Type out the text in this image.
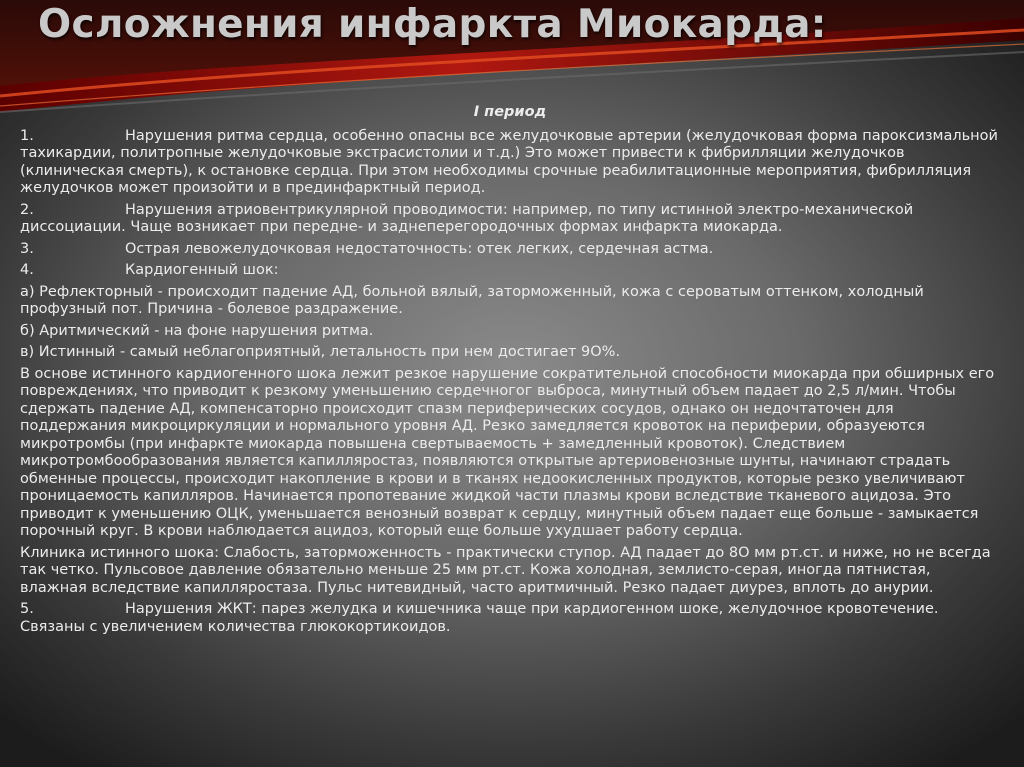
Осложнения инфаркта Миокарда:

I период

1.	Нарушения ритма сердца, особенно опасны все желудочковые артерии (желудочковая форма пароксизмальной тахикардии, политропные желудочковые экстрасистолии и т.д.) Это может привести к фибрилляции желудочков (клиническая смерть), к остановке сердца. При этом необходимы срочные реабилитационные мероприятия, фибрилляция желудочков может произойти и в прединфарктный период.

2.	Нарушения атриовентрикулярной проводимости: например, по типу истинной электро-механической диссоциации. Чаще возникает при передне- и заднеперегородочных формах инфаркта миокарда.

3.	Острая левожелудочковая недостаточность: отек легких, сердечная астма.

4.	Кардиогенный шок:

а) Рефлекторный - происходит падение АД, больной вялый, заторможенный, кожа с сероватым оттенком, холодный профузный пот. Причина - болевое раздражение.

б) Аритмический - на фоне нарушения ритма.

в) Истинный - самый неблагоприятный, летальность при нем достигает 9О%.

В основе истинного кардиогенного шока лежит резкое нарушение сократительной способности миокарда при обширных его повреждениях, что приводит к резкому уменьшению сердечногог выброса, минутный объем падает до 2,5 л/мин. Чтобы сдержать падение АД, компенсаторно происходит спазм периферических сосудов, однако он недочтаточен для поддержания микроциркуляции и нормального уровня АД. Резко замедляется кровоток на периферии, образуеются микротромбы (при инфаркте миокарда повышена свертываемость + замедленный кровоток). Следствием микротромбообразования является капилляростаз, появляются открытые артериовенозные шунты, начинают страдать обменные процессы, происходит накопление в крови и в тканях недоокисленных продуктов, которые резко увеличивают проницаемость капилляров. Начинается пропотевание жидкой части плазмы крови вследствие тканевого ацидоза. Это приводит к уменьшению ОЦК, уменьшается венозный возврат к сердцу, минутный объем падает еще больше - замыкается порочный круг. В крови наблюдается ацидоз, который еще больше ухудшает работу сердца.

Клиника истинного шока: Слабость, заторможенность - практически ступор. АД падает до 8О мм рт.ст. и ниже, но не всегда так четко. Пульсовое давление обязательно меньше 25 мм рт.ст. Кожа холодная, землисто-серая, иногда пятнистая, влажная вследствие капилляростаза. Пульс нитевидный, часто аритмичный. Резко падает диурез, вплоть до анурии.

5.	Нарушения ЖКТ: парез желудка и кишечника чаще при кардиогенном шоке, желудочное кровотечение. Связаны с увеличением количества глюкокортикоидов.
